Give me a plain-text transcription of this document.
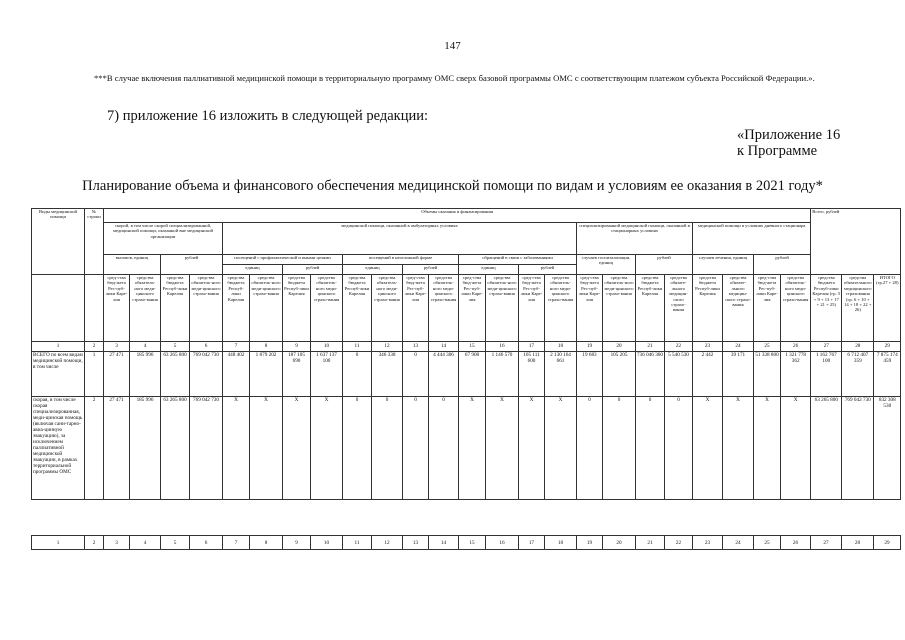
147
***В случае включения паллиативной медицинской помощи в территориальную программу ОМС сверх базовой программы ОМС с соответствующим платежом субъекта Российской Федерации.».
7) приложение 16 изложить в следующей редакции:
«Приложение 16
к Программе
Планирование объема и финансового обеспечения медицинской помощи по видам и условиям ее оказания в 2021 году*
Виды медицинской помощи	№ строки	Объемы оказания и финансирования																								Всего, рублей		
		скорой, в том числе скорой специализированной, медицинской помощи, оказанной вне медицинской организации				медицинской помощи, оказанной в амбулаторных условиях												специализированной медицинской помощи, оказанной в стационарных условиях				медицинской помощи в условиях дневного стационара						
		вызовов, единиц		рублей		посещений с профилактической и иными целями				посещений в неотложной форме				обращений в связи с заболеваниями				случаев госпитализации, единиц		рублей		случаев лечения, единиц		рублей				
						единиц		рублей		единиц		рублей		единиц		рублей												
		сред-ства бюд-жета Рес-пуб-лики Каре-лия	средства обязатель-ного меди-цинского страхо-вания	средства бюджета Респуб-лики Карелия	средства обязатель-ного меди-цинского страхо-вания	средства бюджета Респуб-лики Карелия	средства обязатель-ного меди-цинского страхо-вания	средства бюджета Респуб-лики Карелия	средства обязатель-ного меди-цинского страхо-вания	средства бюджета Респуб-лики Карелия	средства обязатель-ного меди-цинского страхо-вания	сред-ства бюд-жета Рес-пуб-лики Каре-лия	средства обязатель-ного меди-цинского страхо-вания	сред-ства бюд-жета Рес-пуб-лики Каре-лия	средства обязатель-ного меди-цинского страхо-вания	сред-ства бюд-жета Рес-пуб-лики Каре-лия	средства обязатель-ного меди-цинского страхо-вания	сред-ства бюд-жета Рес-пуб-лики Каре-лия	средства обязатель-ного меди-цинского страхо-вания	средства бюджета Респуб-лики Карелия	средства обязате-льного медицин-ского страхо-вания	средства бюджета Респуб-лики Карелия	средства обязате-льного медицин-ского страхо-вания	сред-ства бюд-жета Рес-пуб-лики Каре-лия	средства обязатель-ного меди-цинского страхо-вания	средства бюджета Респуб-лики Карелия (гр. 5 + 9 + 13 + 17 + 21 + 25)	средства обязательного медицинского страхования (гр. 6 + 10 + 14 + 18 + 22 + 26)	ИТОГО (гр.27 + 28)
1	2	3	4	5	6	7	8	9	10	11	12	13	14	15	16	17	18	19	20	21	22	23	24	25	26	27	28	29
ВСЕГО по всем видам медицинской помощи, в том числе	1	27 471	185 996	63 265 800	769 042 730	448 402	1 879 202	187 105 690	1 637 137 100	0	346 338	0	4 444 306	67 908	1 146 570	105 111 600	2 130 164 661	19 683	105 205	736 046 300	5 540 530	2 442	39 171	51 338 800	1 321 778 362	1 162 767 100	6 712 407 359	7 875 174 459
скорая, в том числе скорая специализированная, меди-цинская помощь (включая сани-тарно-авиа-цинную эвакуацию), за исключением паллиативной медицинской эвакуации, в рамках территориальной программы ОМС	2	27 471	185 996	63 265 800	769 042 730	X	X	X	X	0	0	0	0	X	X	X	X	0	0	0	0	X	X	X	X	63 265 800	769 042 730	832 308 530
1	2	3	4	5	6	7	8	9	10	11	12	13	14	15	16	17	18	19	20	21	22	23	24	25	26	27	28	29
